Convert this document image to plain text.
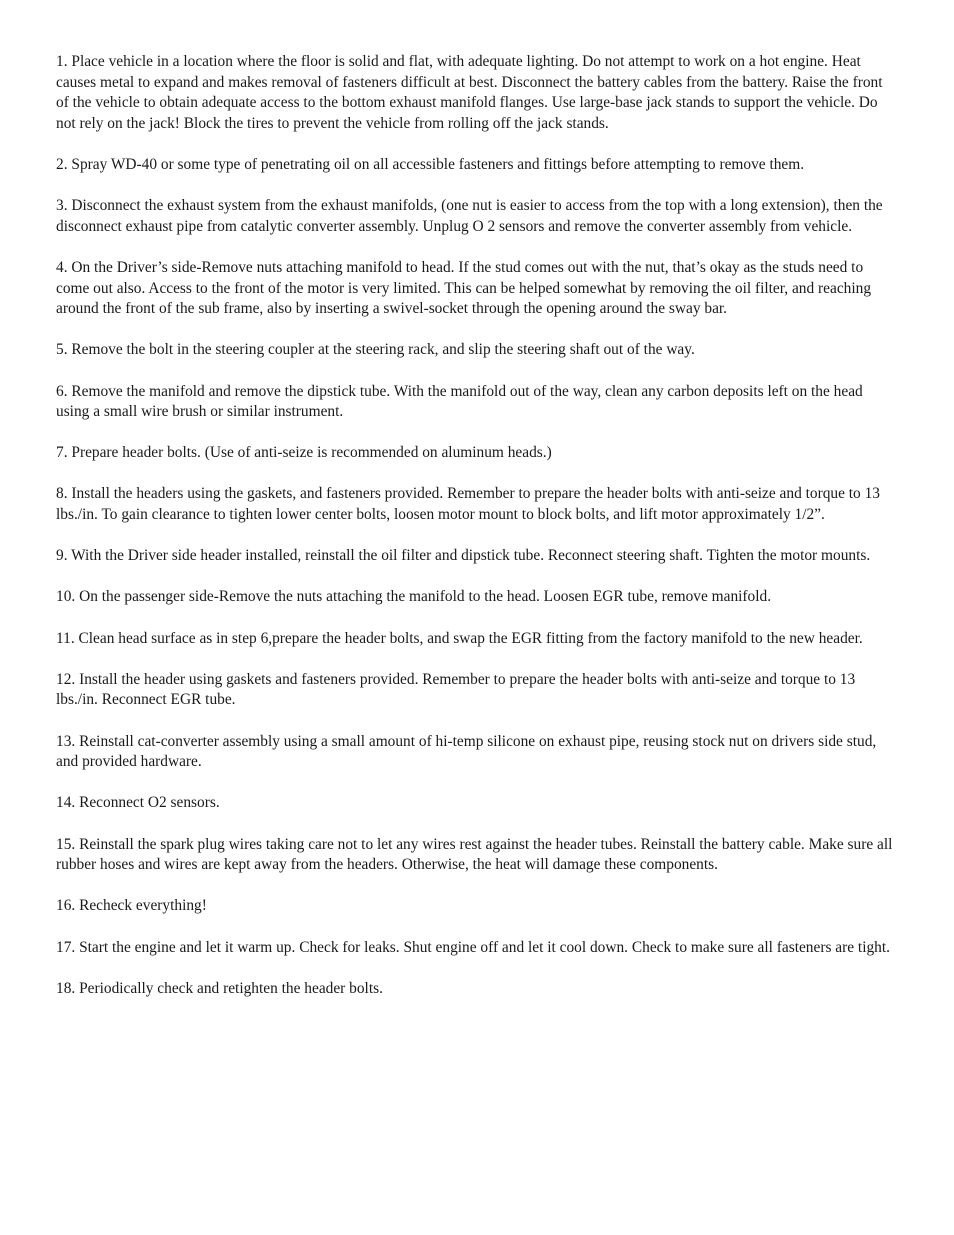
1. Place vehicle in a location where the floor is solid and flat, with adequate lighting. Do not attempt to work on a hot engine. Heat causes metal to expand and makes removal of fasteners difficult at best. Disconnect the battery cables from the battery. Raise the front of the vehicle to obtain adequate access to the bottom exhaust manifold flanges. Use large-base jack stands to support the vehicle. Do not rely on the jack! Block the tires to prevent the vehicle from rolling off the jack stands.

2. Spray WD-40 or some type of penetrating oil on all accessible fasteners and fittings before attempting to remove them.

3. Disconnect the exhaust system from the exhaust manifolds, (one nut is easier to access from the top with a long extension), then the disconnect exhaust pipe from catalytic converter assembly. Unplug O 2 sensors and remove the converter assembly from vehicle.

4. On the Driver’s side-Remove nuts attaching manifold to head. If the stud comes out with the nut, that’s okay as the studs need to come out also. Access to the front of the motor is very limited. This can be helped somewhat by removing the oil filter, and reaching around the front of the sub frame, also by inserting a swivel-socket through the opening around the sway bar.

5. Remove the bolt in the steering coupler at the steering rack, and slip the steering shaft out of the way.

6. Remove the manifold and remove the dipstick tube. With the manifold out of the way, clean any carbon deposits left on the head using a small wire brush or similar instrument.

7. Prepare header bolts. (Use of anti-seize is recommended on aluminum heads.)

8. Install the headers using the gaskets, and fasteners provided. Remember to prepare the header bolts with anti-seize and torque to 13 lbs./in. To gain clearance to tighten lower center bolts, loosen motor mount to block bolts, and lift motor approximately 1/2”.

9. With the Driver side header installed, reinstall the oil filter and dipstick tube. Reconnect steering shaft. Tighten the motor mounts.

10. On the passenger side-Remove the nuts attaching the manifold to the head. Loosen EGR tube, remove manifold.

11. Clean head surface as in step 6,prepare the header bolts, and swap the EGR fitting from the factory manifold to the new header.

12. Install the header using gaskets and fasteners provided. Remember to prepare the header bolts with anti-seize and torque to 13 lbs./in. Reconnect EGR tube.

13. Reinstall cat-converter assembly using a small amount of hi-temp silicone on exhaust pipe, reusing stock nut on drivers side stud, and provided hardware.

14. Reconnect O2 sensors.

15. Reinstall the spark plug wires taking care not to let any wires rest against the header tubes. Reinstall the battery cable. Make sure all rubber hoses and wires are kept away from the headers. Otherwise, the heat will damage these components.

16. Recheck everything!

17. Start the engine and let it warm up. Check for leaks. Shut engine off and let it cool down. Check to make sure all fasteners are tight.

18. Periodically check and retighten the header bolts.
